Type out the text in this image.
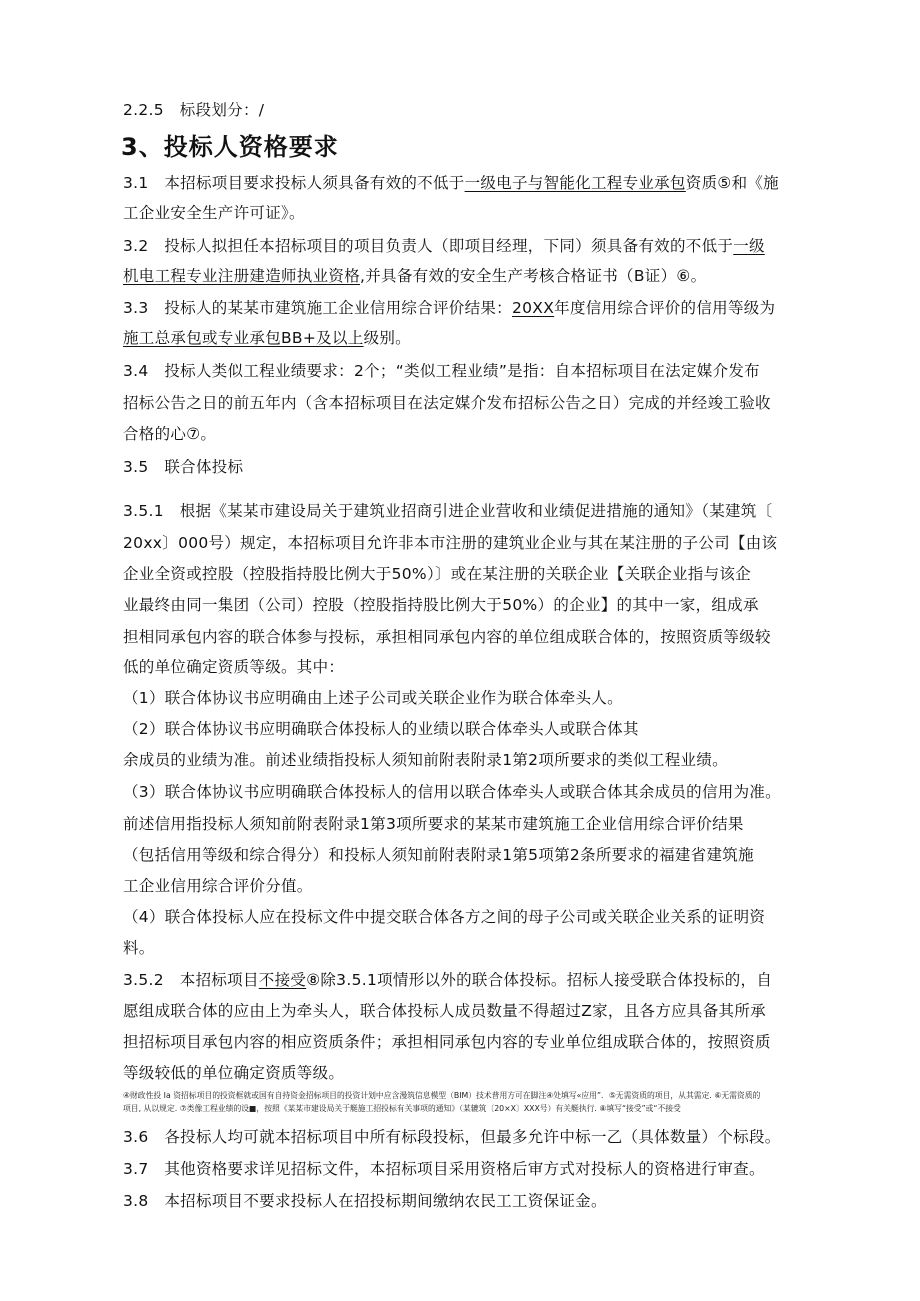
2.2.5　 标段划分：/
3、投标人资格要求
3.1　 本招标项目要求投标人须具备有效的不低于一级电子与智能化工程专业承包资质⑤和《施
工企业安全生产许可证》。
3.2　 投标人拟担任本招标项目的项目负责人（即项目经理，下同）须具备有效的不低于一级
机电工程专业注册建造师执业资格,并具备有效的安全生产考核合格证书（B证）⑥。
3.3　 投标人的某某市建筑施工企业信用综合评价结果：20XX年度信用综合评价的信用等级为
施工总承包或专业承包BB+及以上级别。
3.4　投标人类似工程业绩要求：2个；“类似工程业绩”是指：自本招标项目在法定媒介发布
招标公告之日的前五年内（含本招标项目在法定媒介发布招标公告之日）完成的并经竣工验收
合格的心⑦。
3.5　联合体投标
3.5.1　根据《某某市建设局关于建筑业招商引进企业营收和业绩促进措施的通知》（某建筑〔
20xx〕000号）规定，本招标项目允许非本市注册的建筑业企业与其在某注册的子公司【由该
企业全资或控股（控股指持股比例大于50%）〕或在某注册的关联企业【关联企业指与该企
业最终由同一集团（公司）控股（控股指持股比例大于50%）的企业】的其中一家，组成承
担相同承包内容的联合体参与投标，承担相同承包内容的单位组成联合体的，按照资质等级较
低的单位确定资质等级。其中：
（1）联合体协议书应明确由上述子公司或关联企业作为联合体牵头人。
（2）联合体协议书应明确联合体投标人的业绩以联合体牵头人或联合体其
余成员的业绩为准。前述业绩指投标人须知前附表附录1第2项所要求的类似工程业绩。
（3）联合体协议书应明确联合体投标人的信用以联合体牵头人或联合体其余成员的信用为准。
前述信用指投标人须知前附表附录1第3项所要求的某某市建筑施工企业信用综合评价结果
（包括信用等级和综合得分）和投标人须知前附表附录1第5项第2条所要求的福建省建筑施
工企业信用综合评价分值。
（4）联合体投标人应在投标文件中提交联合体各方之间的母子公司或关联企业关系的证明资
料。
3.5.2　 本招标项目不接受⑧除3.5.1项情形以外的联合体投标。招标人接受联合体投标的，自
愿组成联合体的应由上为牵头人，联合体投标人成员数量不得超过Z家，且各方应具备其所承
担招标项目承包内容的相应资质条件；承担相同承包内容的专业单位组成联合体的，按照资质
等级较低的单位确定资质等级。
④财政性投 Ia 资招标项目的投资框就或国有自持资金招标项目的投资计划中应含漫筑信息模型（BIM）技术普用方可在脚注④处填写«应用”．⑤无需资质的项目，从其需定. ⑥无需资质的
项目, 从以规定. ⑦类像工程业绩的设■，按照《某某市建设局关于艇施工招投标有关事项的通知》（某辘筑〔20×X〕XXX号）有关艇执行. ⑧填写“接受”或“不接受
3.6　各投标人均可就本招标项目中所有标段投标，但最多允许中标一乙（具体数量）个标段。
3.7　其他资格要求详见招标文件，本招标项目采用资格后审方式对投标人的资格进行审查。
3.8　本招标项目不要求投标人在招投标期间缴纳农民工工资保证金。
